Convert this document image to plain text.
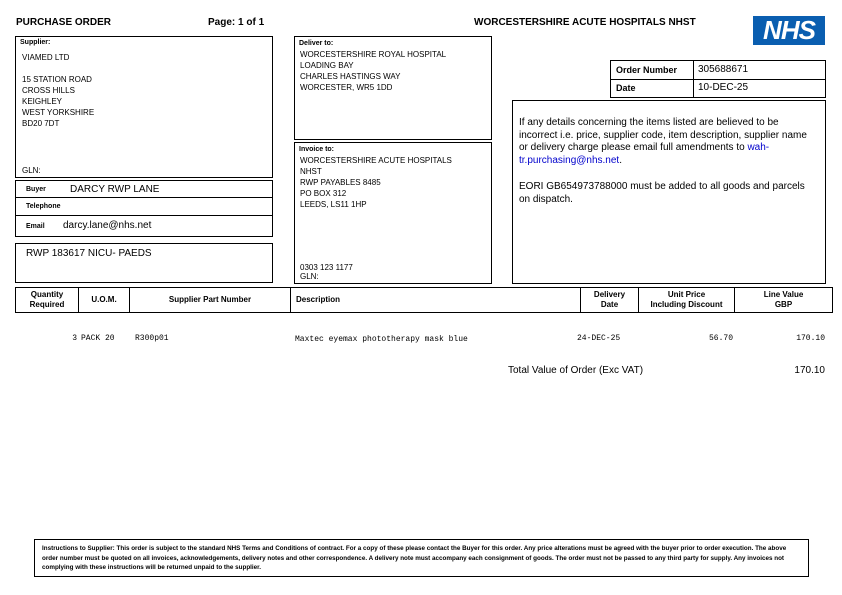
PURCHASE ORDER	Page: 1 of 1	WORCESTERSHIRE ACUTE HOSPITALS NHST	NHS
Supplier:
VIAMED LTD

15 STATION ROAD
CROSS HILLS
KEIGHLEY
WEST YORKSHIRE
BD20 7DT
GLN:
Deliver to:
WORCESTERSHIRE ROYAL HOSPITAL
LOADING BAY
CHARLES HASTINGS WAY
WORCESTER, WR5 1DD
Invoice to:
WORCESTERSHIRE ACUTE HOSPITALS
NHST
RWP PAYABLES 8485
PO BOX 312
LEEDS, LS11 1HP
0303 123 1177
GLN:
Order Number 305688671
Date	10-DEC-25
If any details concerning the items listed are believed to be incorrect i.e. price, supplier code, item description, supplier name or delivery charge please email full amendments to wah-tr.purchasing@nhs.net.
EORI GB654973788000 must be added to all goods and parcels on dispatch.
Buyer DARCY RWP LANE
Telephone
Email darcy.lane@nhs.net
RWP 183617 NICU- PAEDS
Quantity
Required
U.O.M.	Supplier Part Number	Description
Delivery
Date
Unit Price
Including Discount
Line Value
GBP
3 PACK 20	R300p01	Maxtec eyemax phototherapy mask blue	24-DEC-25	56.70	170.10
Total Value of Order (Exc VAT)	170.10
Instructions to Supplier: This order is subject to the standard NHS Terms and Conditions of contract. For a copy of these please contact the Buyer for this order. Any price alterations must be agreed with the buyer prior to order execution. The above order number must be quoted on all invoices, acknowledgements, delivery notes and other correspondence. A delivery note must accompany each consignment of goods. The order must not be passed to any third party for supply. Any invoices not complying with these instructions will be returned unpaid to the supplier.
